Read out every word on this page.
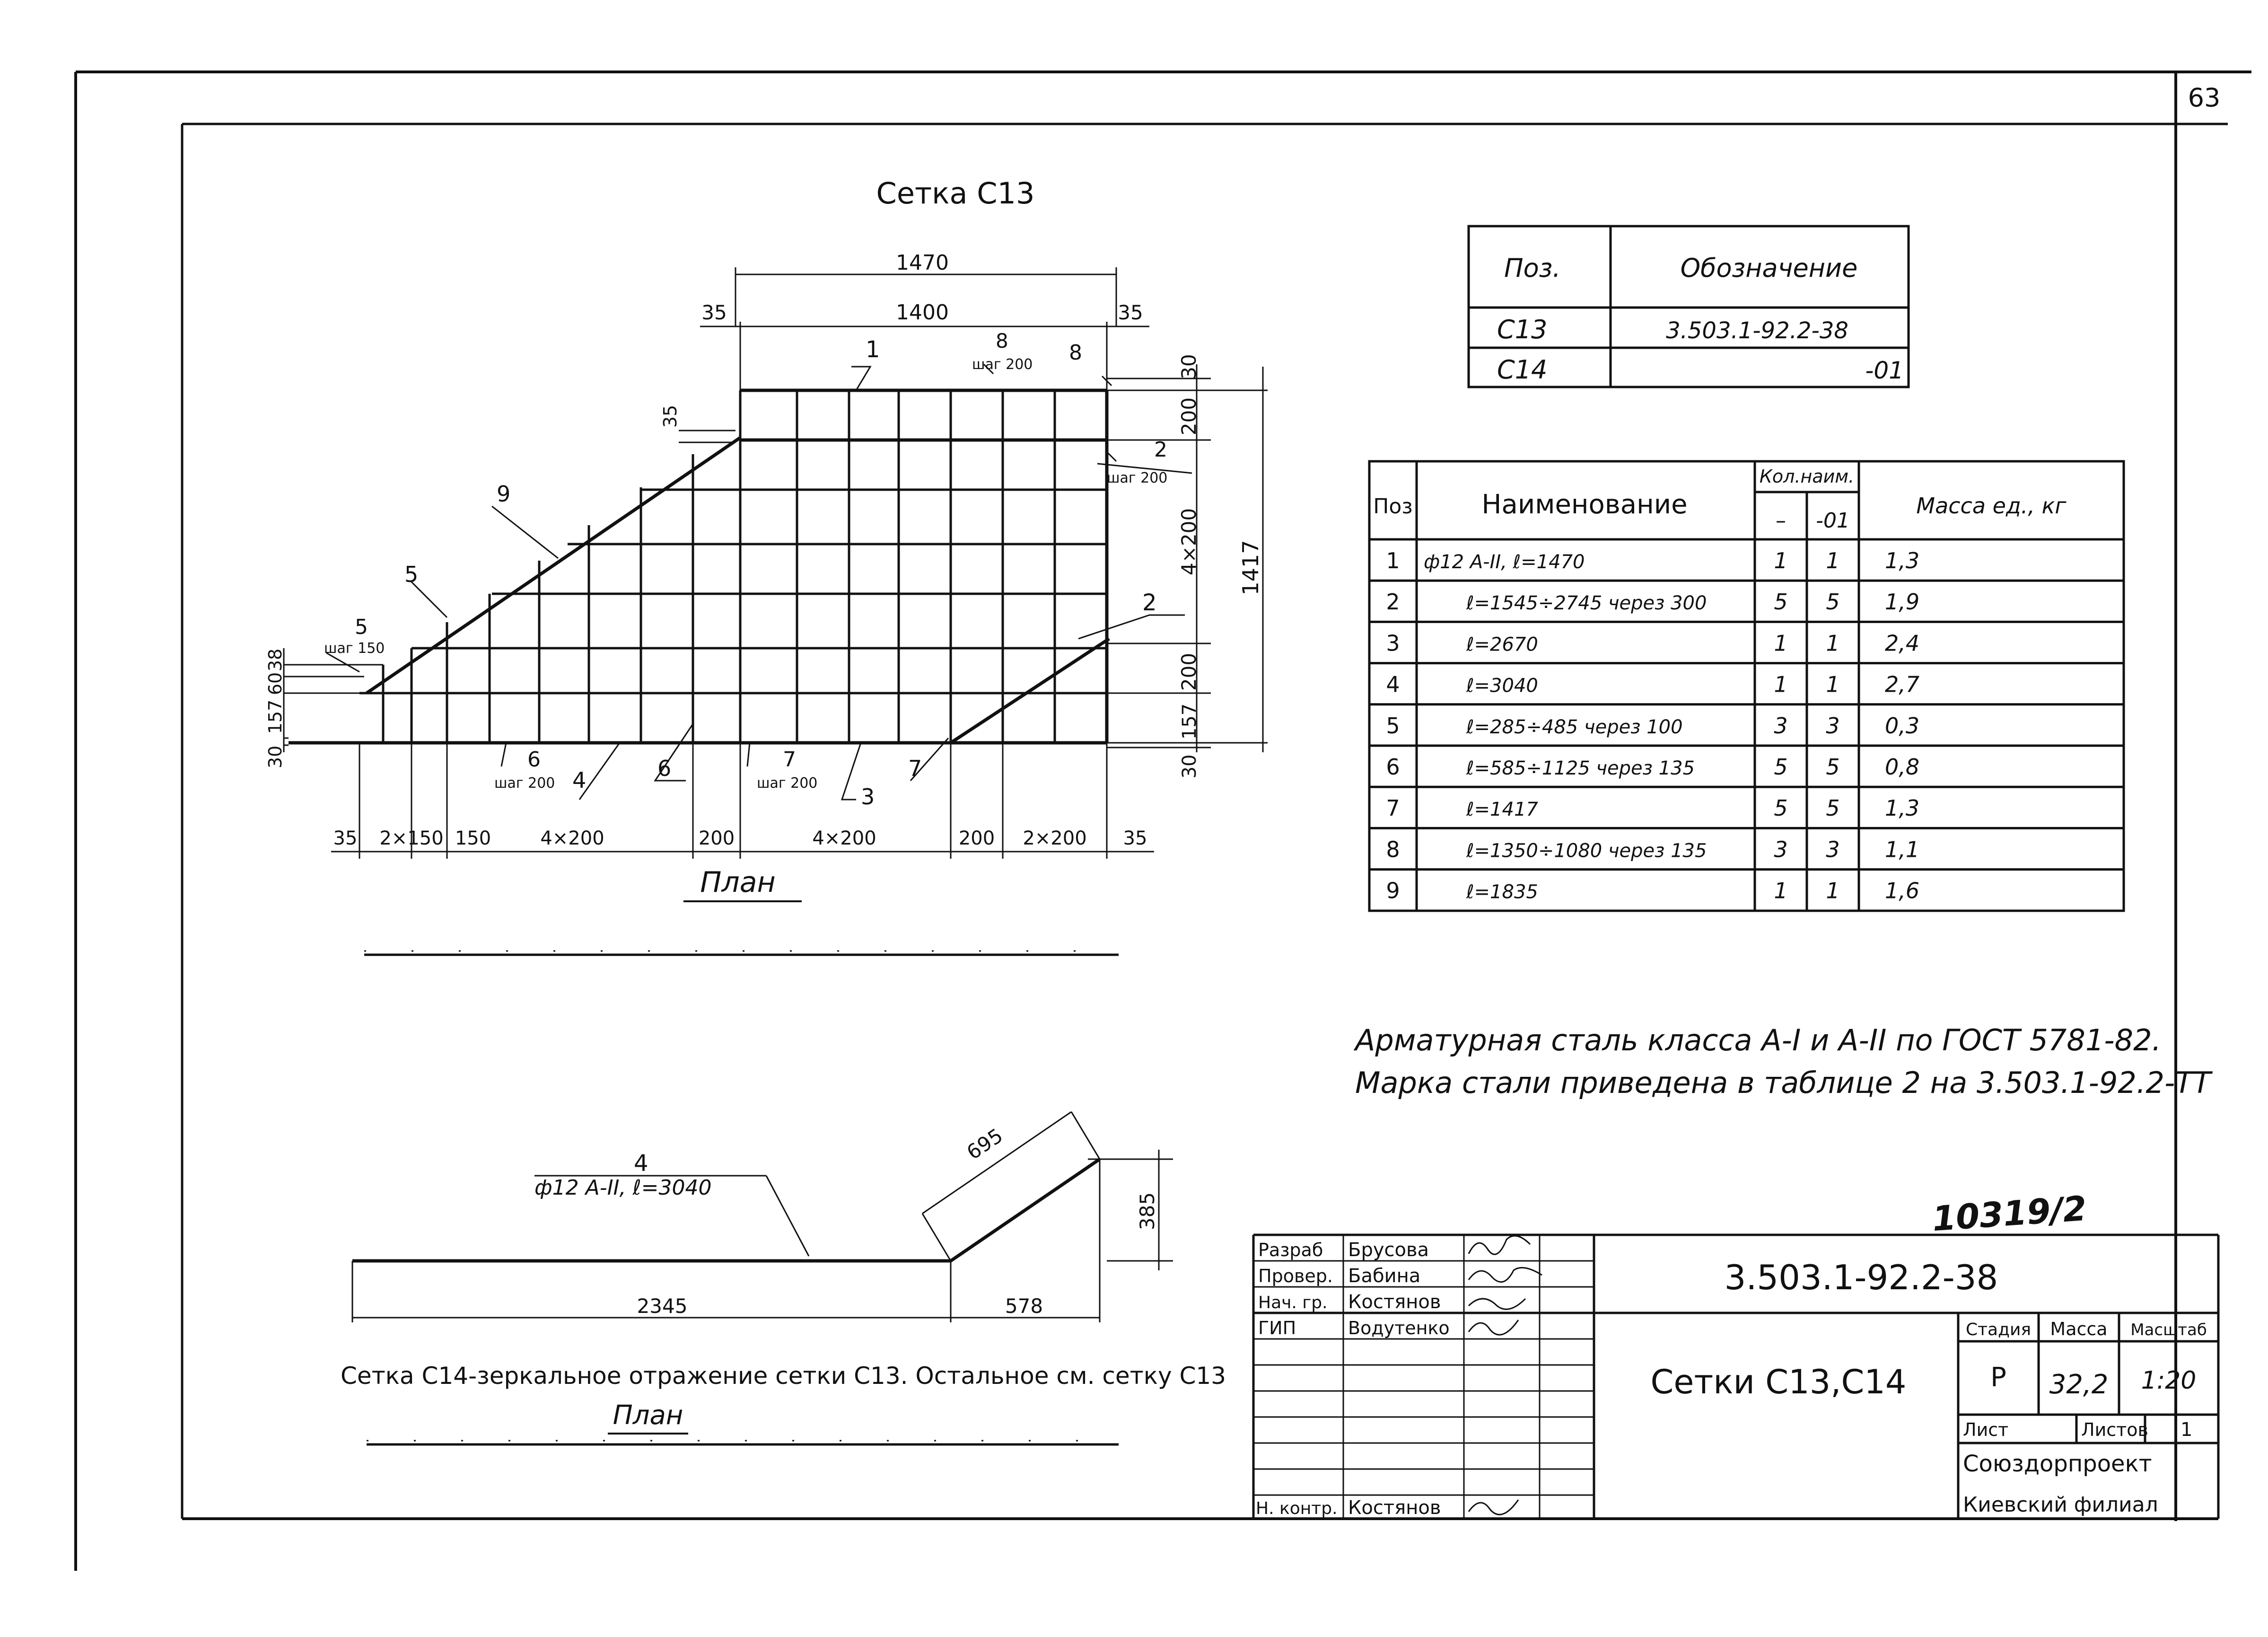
63
Сетка С13
1470
1400
35	35
30
200
4×200
200
157
30
1417
38
60
157
30
35
35 2×150 150	4×200	200	4×200	200 2×200 35
1
2
шаг 200
2
3
4
5
5
шаг 150
6
шаг 200
6	7
шаг 200
7
8
шаг 200 8
9
План
Поз.	Обозначение
С13	3.503.1-92.2-38
С14	-01
Поз	Наименование
Кол.наим.
– -01
Масса ед., кг
1 ф12 А-II, ℓ=1470	1 1 1,3
2	ℓ=1545÷2745 через 300	5 5 1,9
3	ℓ=2670	1 1 2,4
4	ℓ=3040	1 1 2,7
5	ℓ=285÷485 через 100	3 3 0,3
6	ℓ=585÷1125 через 135	5 5 0,8
7	ℓ=1417	5 5 1,3
8	ℓ=1350÷1080 через 135	3 3 1,1
9	ℓ=1835	1 1 1,6
Арматурная сталь класса А-I и А-II по ГОСТ 5781-82.
Марка стали приведена в таблице 2 на 3.503.1-92.2-ТТ
4
ф12 А-II, ℓ=3040
695
385
2345	578
Сетка С14-зеркальное отражение сетки С13. Остальное см. сетку С13
План
10319/2
Разраб Брусова
Провер. Бабина
Нач. гр. Костянов
ГИП	Водутенко
Н. контр. Костянов
3.503.1-92.2-38
Сетки С13,С14
Стадия Масса Масштаб
Р 32,2 1:20
Лист	Листов 1
Союздорпроект
Киевский филиал
